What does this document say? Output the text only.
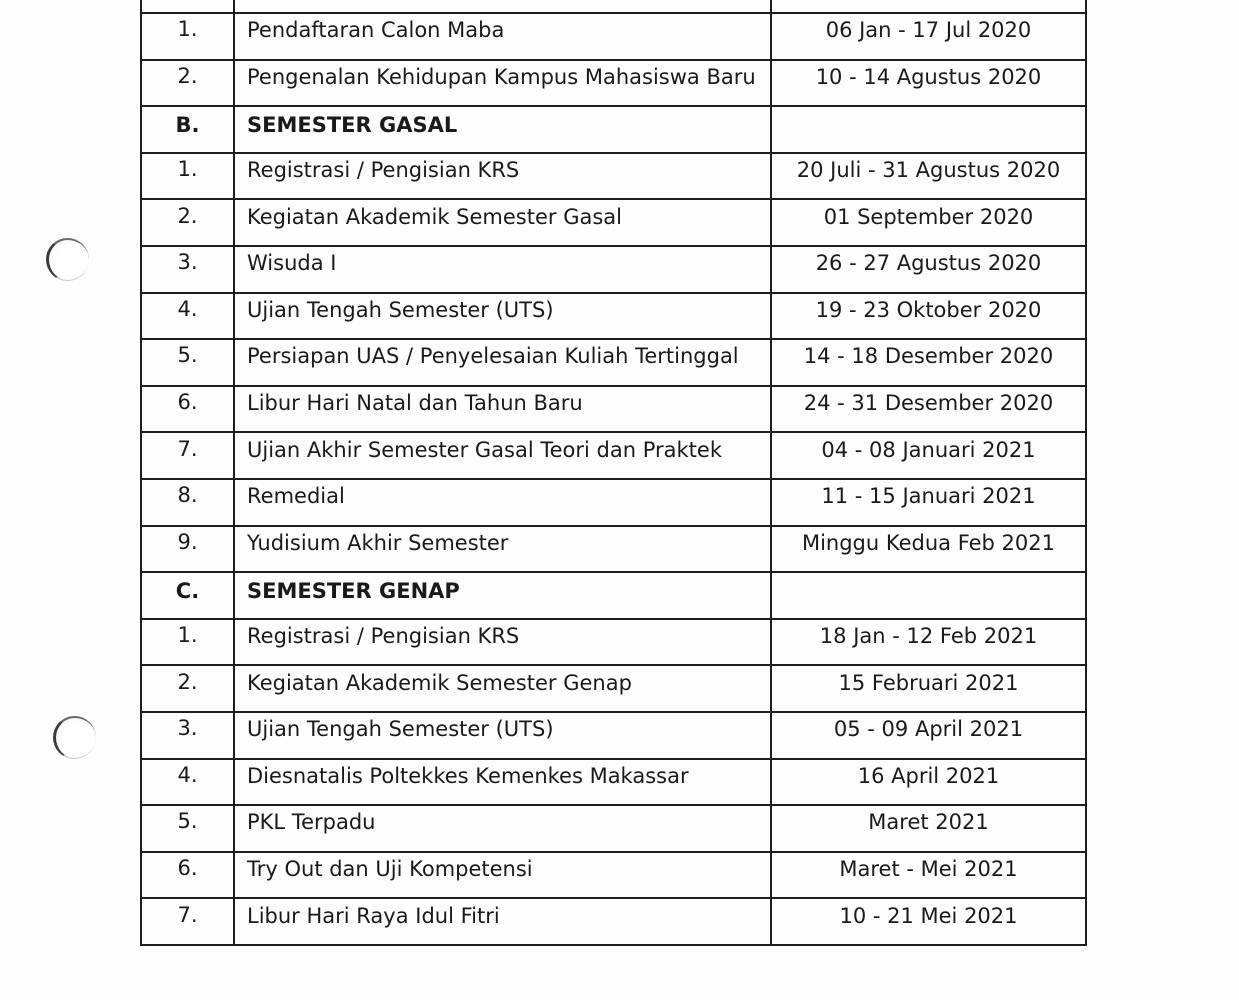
1.	Pendaftaran Calon Maba	06 Jan - 17 Jul 2020
2.	Pengenalan Kehidupan Kampus Mahasiswa Baru	10 - 14 Agustus 2020
B.	SEMESTER GASAL	
1.	Registrasi / Pengisian KRS	20 Juli - 31 Agustus 2020
2.	Kegiatan Akademik Semester Gasal	01 September 2020
3.	Wisuda I	26 - 27 Agustus 2020
4.	Ujian Tengah Semester (UTS)	19 - 23 Oktober 2020
5.	Persiapan UAS / Penyelesaian Kuliah Tertinggal	14 - 18 Desember 2020
6.	Libur Hari Natal dan Tahun Baru	24 - 31 Desember 2020
7.	Ujian Akhir Semester Gasal Teori dan Praktek	04 - 08 Januari 2021
8.	Remedial	11 - 15 Januari 2021
9.	Yudisium Akhir Semester	Minggu Kedua Feb 2021
C.	SEMESTER GENAP	
1.	Registrasi / Pengisian KRS	18 Jan - 12 Feb 2021
2.	Kegiatan Akademik Semester Genap	15 Februari 2021
3.	Ujian Tengah Semester (UTS)	05 - 09 April 2021
4.	Diesnatalis Poltekkes Kemenkes Makassar	16 April 2021
5.	PKL Terpadu	Maret 2021
6.	Try Out dan Uji Kompetensi	Maret - Mei 2021
7.	Libur Hari Raya Idul Fitri	10 - 21 Mei 2021
